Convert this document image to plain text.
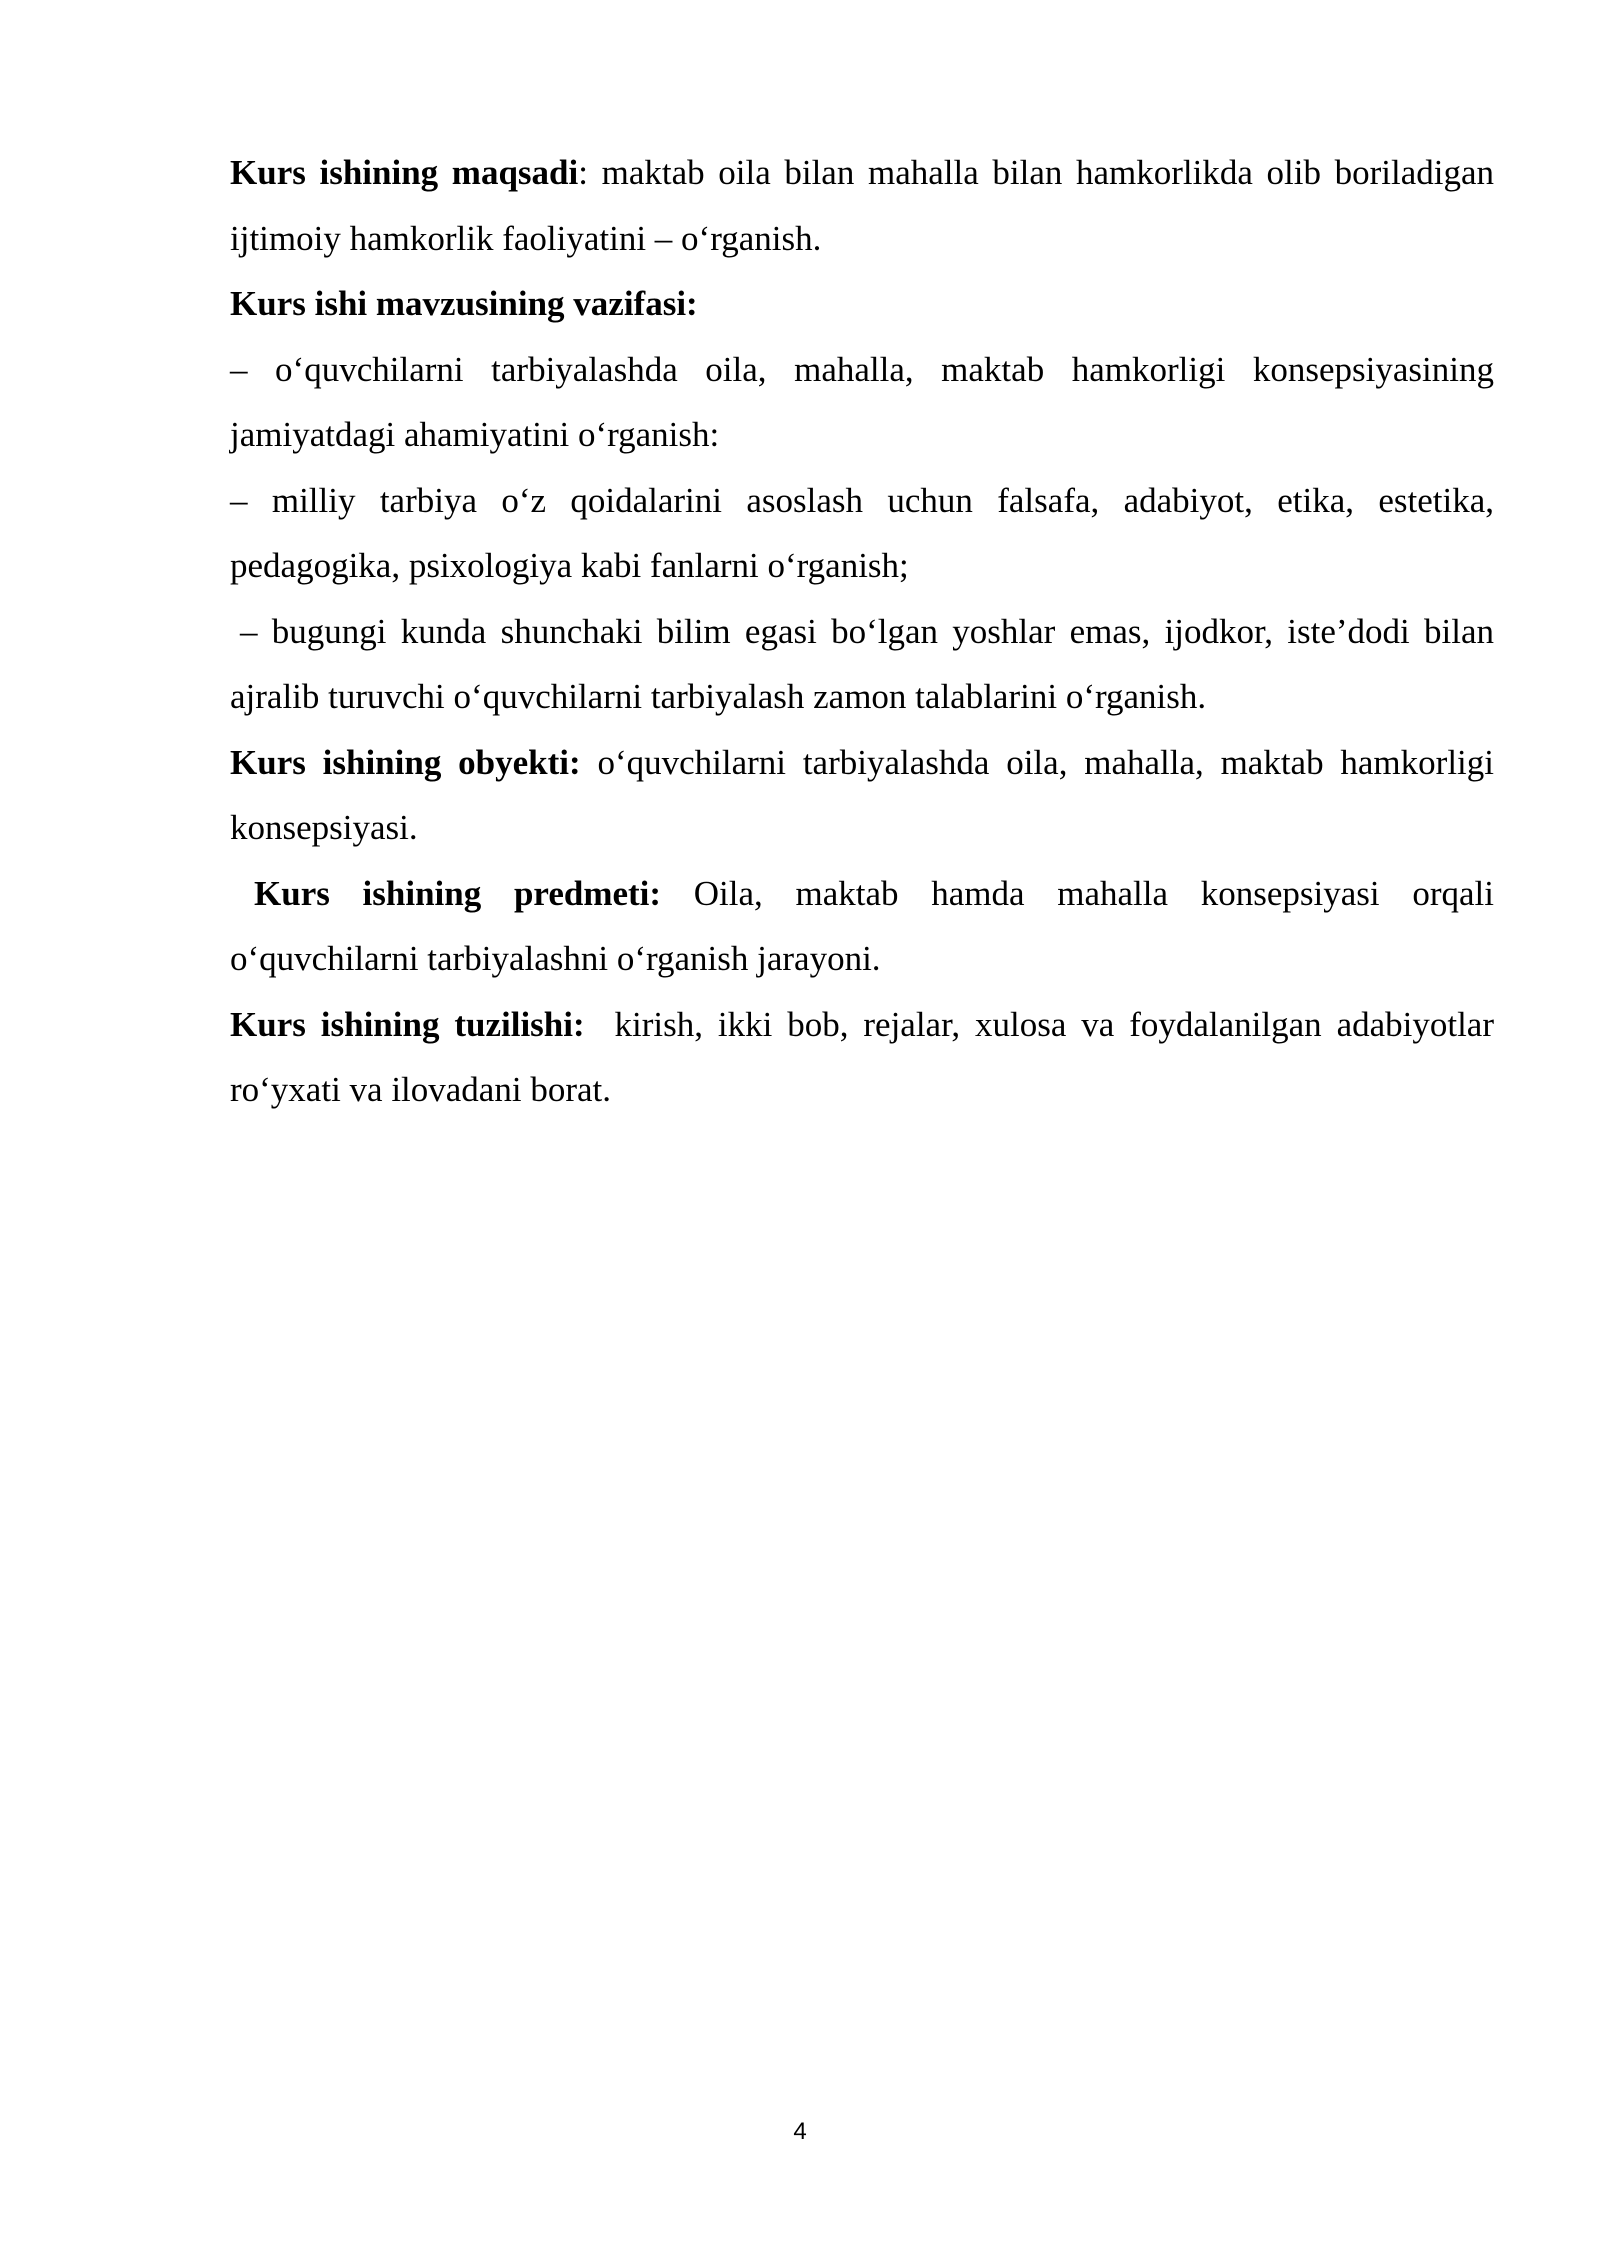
Kurs ishining maqsadi: maktab oila bilan mahalla bilan hamkorlikda olib boriladigan ijtimoiy hamkorlik faoliyatini – o‘rganish.

Kurs ishi mavzusining vazifasi:

– o‘quvchilarni tarbiyalashda oila, mahalla, maktab hamkorligi konsepsiyasining jamiyatdagi ahamiyatini o‘rganish:

– milliy tarbiya o‘z qoidalarini asoslash uchun falsafa, adabiyot, etika, estetika, pedagogika, psixologiya kabi fanlarni o‘rganish;

– bugungi kunda shunchaki bilim egasi bo‘lgan yoshlar emas, ijodkor, iste’dodi bilan ajralib turuvchi o‘quvchilarni tarbiyalash zamon talablarini o‘rganish.

Kurs ishining obyekti: o‘quvchilarni tarbiyalashda oila, mahalla, maktab hamkorligi konsepsiyasi.

Kurs ishining predmeti: Oila, maktab hamda mahalla konsepsiyasi orqali o‘quvchilarni tarbiyalashni o‘rganish jarayoni.

Kurs ishining tuzilishi:  kirish, ikki bob, rejalar, xulosa va foydalanilgan adabiyotlar ro‘yxati va ilovadani borat.

4
